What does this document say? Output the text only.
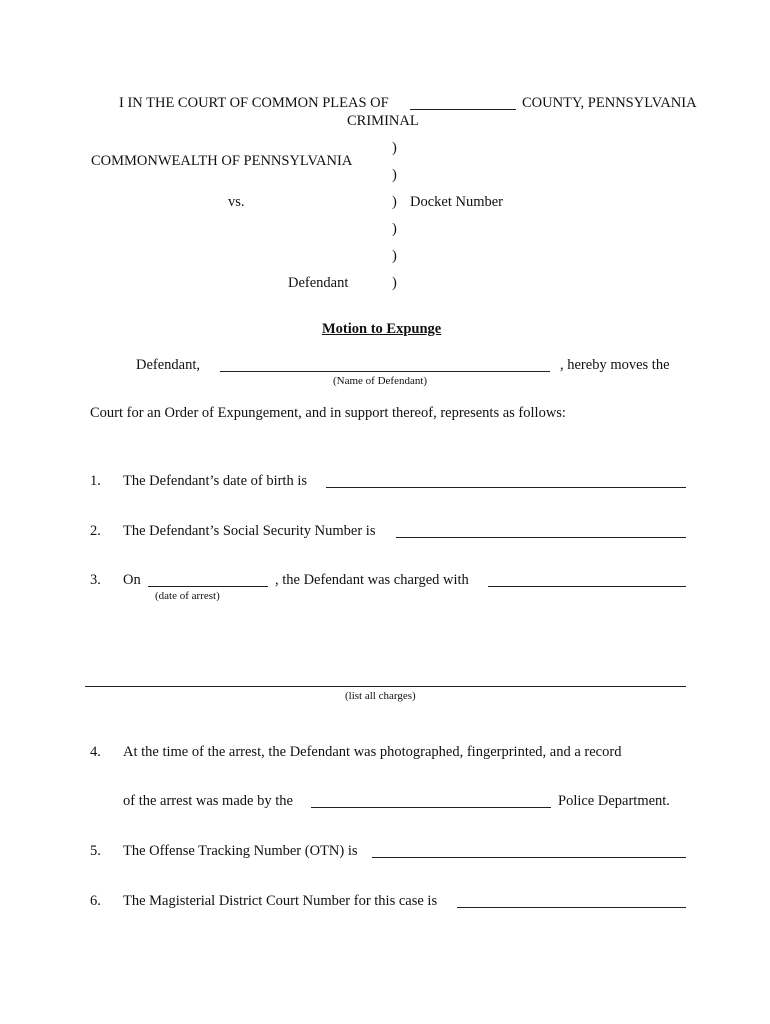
I IN THE COURT OF COMMON PLEAS OF	COUNTY, PENNSYLVANIA
CRIMINAL
COMMONWEALTH OF PENNSYLVANIA
vs.
Defendant
)
)
) Docket Number
)
)
)
Motion to Expunge
Defendant,	, hereby moves the
(Name of Defendant)
Court for an Order of Expungement, and in support thereof, represents as follows:
1. The Defendant’s date of birth is
2. The Defendant’s Social Security Number is
3. On	, the Defendant was charged with
(date of arrest)
(list all charges)
4. At the time of the arrest, the Defendant was photographed, fingerprinted, and a record
of the arrest was made by the	Police Department.
5. The Offense Tracking Number (OTN) is
6. The Magisterial District Court Number for this case is
